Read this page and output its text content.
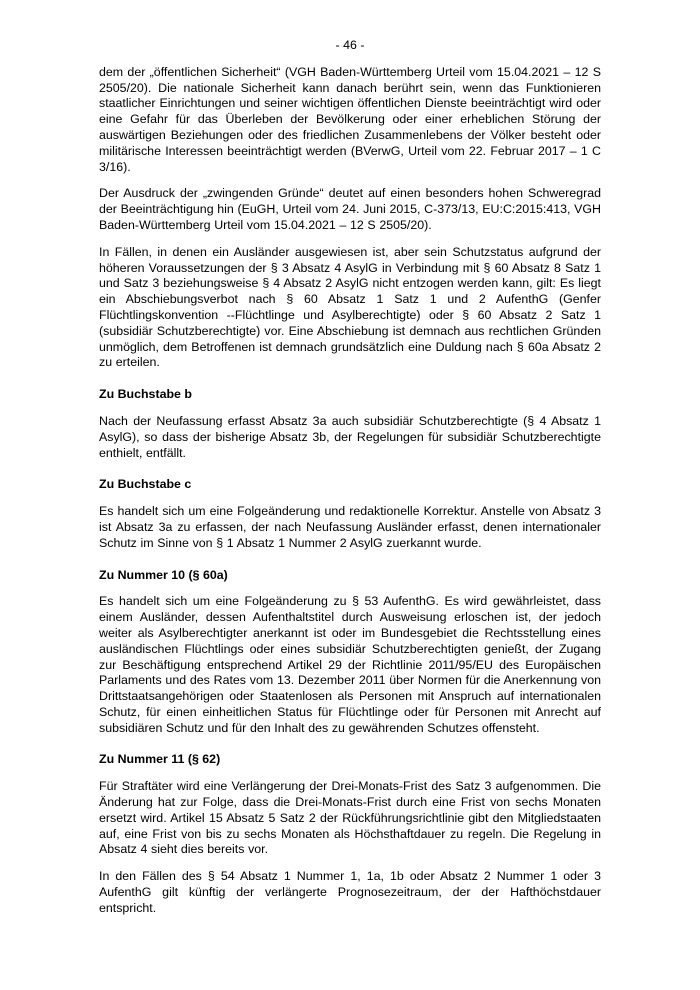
- 46 -

dem der „öffentlichen Sicherheit“ (VGH Baden-Württemberg Urteil vom 15.04.2021 – 12 S 2505/20). Die nationale Sicherheit kann danach berührt sein, wenn das Funktionieren staatlicher Einrichtungen und seiner wichtigen öffentlichen Dienste beeinträchtigt wird oder eine Gefahr für das Überleben der Bevölkerung oder einer erheblichen Störung der auswärtigen Beziehungen oder des friedlichen Zusammenlebens der Völker besteht oder militärische Interessen beeinträchtigt werden (BVerwG, Urteil vom 22. Februar 2017 – 1 C 3/16).

Der Ausdruck der „zwingenden Gründe“ deutet auf einen besonders hohen Schweregrad der Beeinträchtigung hin (EuGH, Urteil vom 24. Juni 2015, C-373/13, EU:C:2015:413, VGH Baden-Württemberg Urteil vom 15.04.2021 – 12 S 2505/20).

In Fällen, in denen ein Ausländer ausgewiesen ist, aber sein Schutzstatus aufgrund der höheren Voraussetzungen der § 3 Absatz 4 AsylG in Verbindung mit § 60 Absatz 8 Satz 1 und Satz 3 beziehungsweise § 4 Absatz 2 AsylG nicht entzogen werden kann, gilt: Es liegt ein Abschiebungsverbot nach § 60 Absatz 1 Satz 1 und 2 AufenthG (Genfer Flüchtlingskonvention --Flüchtlinge und Asylberechtigte) oder § 60 Absatz 2 Satz 1 (subsidiär Schutzberechtigte) vor. Eine Abschiebung ist demnach aus rechtlichen Gründen unmöglich, dem Betroffenen ist demnach grundsätzlich eine Duldung nach § 60a Absatz 2 zu erteilen.

Zu Buchstabe b

Nach der Neufassung erfasst Absatz 3a auch subsidiär Schutzberechtigte (§ 4 Absatz 1 AsylG), so dass der bisherige Absatz 3b, der Regelungen für subsidiär Schutzberechtigte enthielt, entfällt.

Zu Buchstabe c

Es handelt sich um eine Folgeänderung und redaktionelle Korrektur. Anstelle von Absatz 3 ist Absatz 3a zu erfassen, der nach Neufassung Ausländer erfasst, denen internationaler Schutz im Sinne von § 1 Absatz 1 Nummer 2 AsylG zuerkannt wurde.

Zu Nummer 10 (§ 60a)

Es handelt sich um eine Folgeänderung zu § 53 AufenthG. Es wird gewährleistet, dass einem Ausländer, dessen Aufenthaltstitel durch Ausweisung erloschen ist, der jedoch weiter als Asylberechtigter anerkannt ist oder im Bundesgebiet die Rechtsstellung eines ausländischen Flüchtlings oder eines subsidiär Schutzberechtigten genießt, der Zugang zur Beschäftigung entsprechend Artikel 29 der Richtlinie 2011/95/EU des Europäischen Parlaments und des Rates vom 13. Dezember 2011 über Normen für die Anerkennung von Drittstaatsangehörigen oder Staatenlosen als Personen mit Anspruch auf internationalen Schutz, für einen einheitlichen Status für Flüchtlinge oder für Personen mit Anrecht auf subsidiären Schutz und für den Inhalt des zu gewährenden Schutzes offensteht.

Zu Nummer 11 (§ 62)

Für Straftäter wird eine Verlängerung der Drei-Monats-Frist des Satz 3 aufgenommen. Die Änderung hat zur Folge, dass die Drei-Monats-Frist durch eine Frist von sechs Monaten ersetzt wird. Artikel 15 Absatz 5 Satz 2 der Rückführungsrichtlinie gibt den Mitgliedstaaten auf, eine Frist von bis zu sechs Monaten als Höchsthaftdauer zu regeln. Die Regelung in Absatz 4 sieht dies bereits vor.

In den Fällen des § 54 Absatz 1 Nummer 1, 1a, 1b oder Absatz 2 Nummer 1 oder 3 AufenthG gilt künftig der verlängerte Prognosezeitraum, der der Hafthöchstdauer entspricht.
